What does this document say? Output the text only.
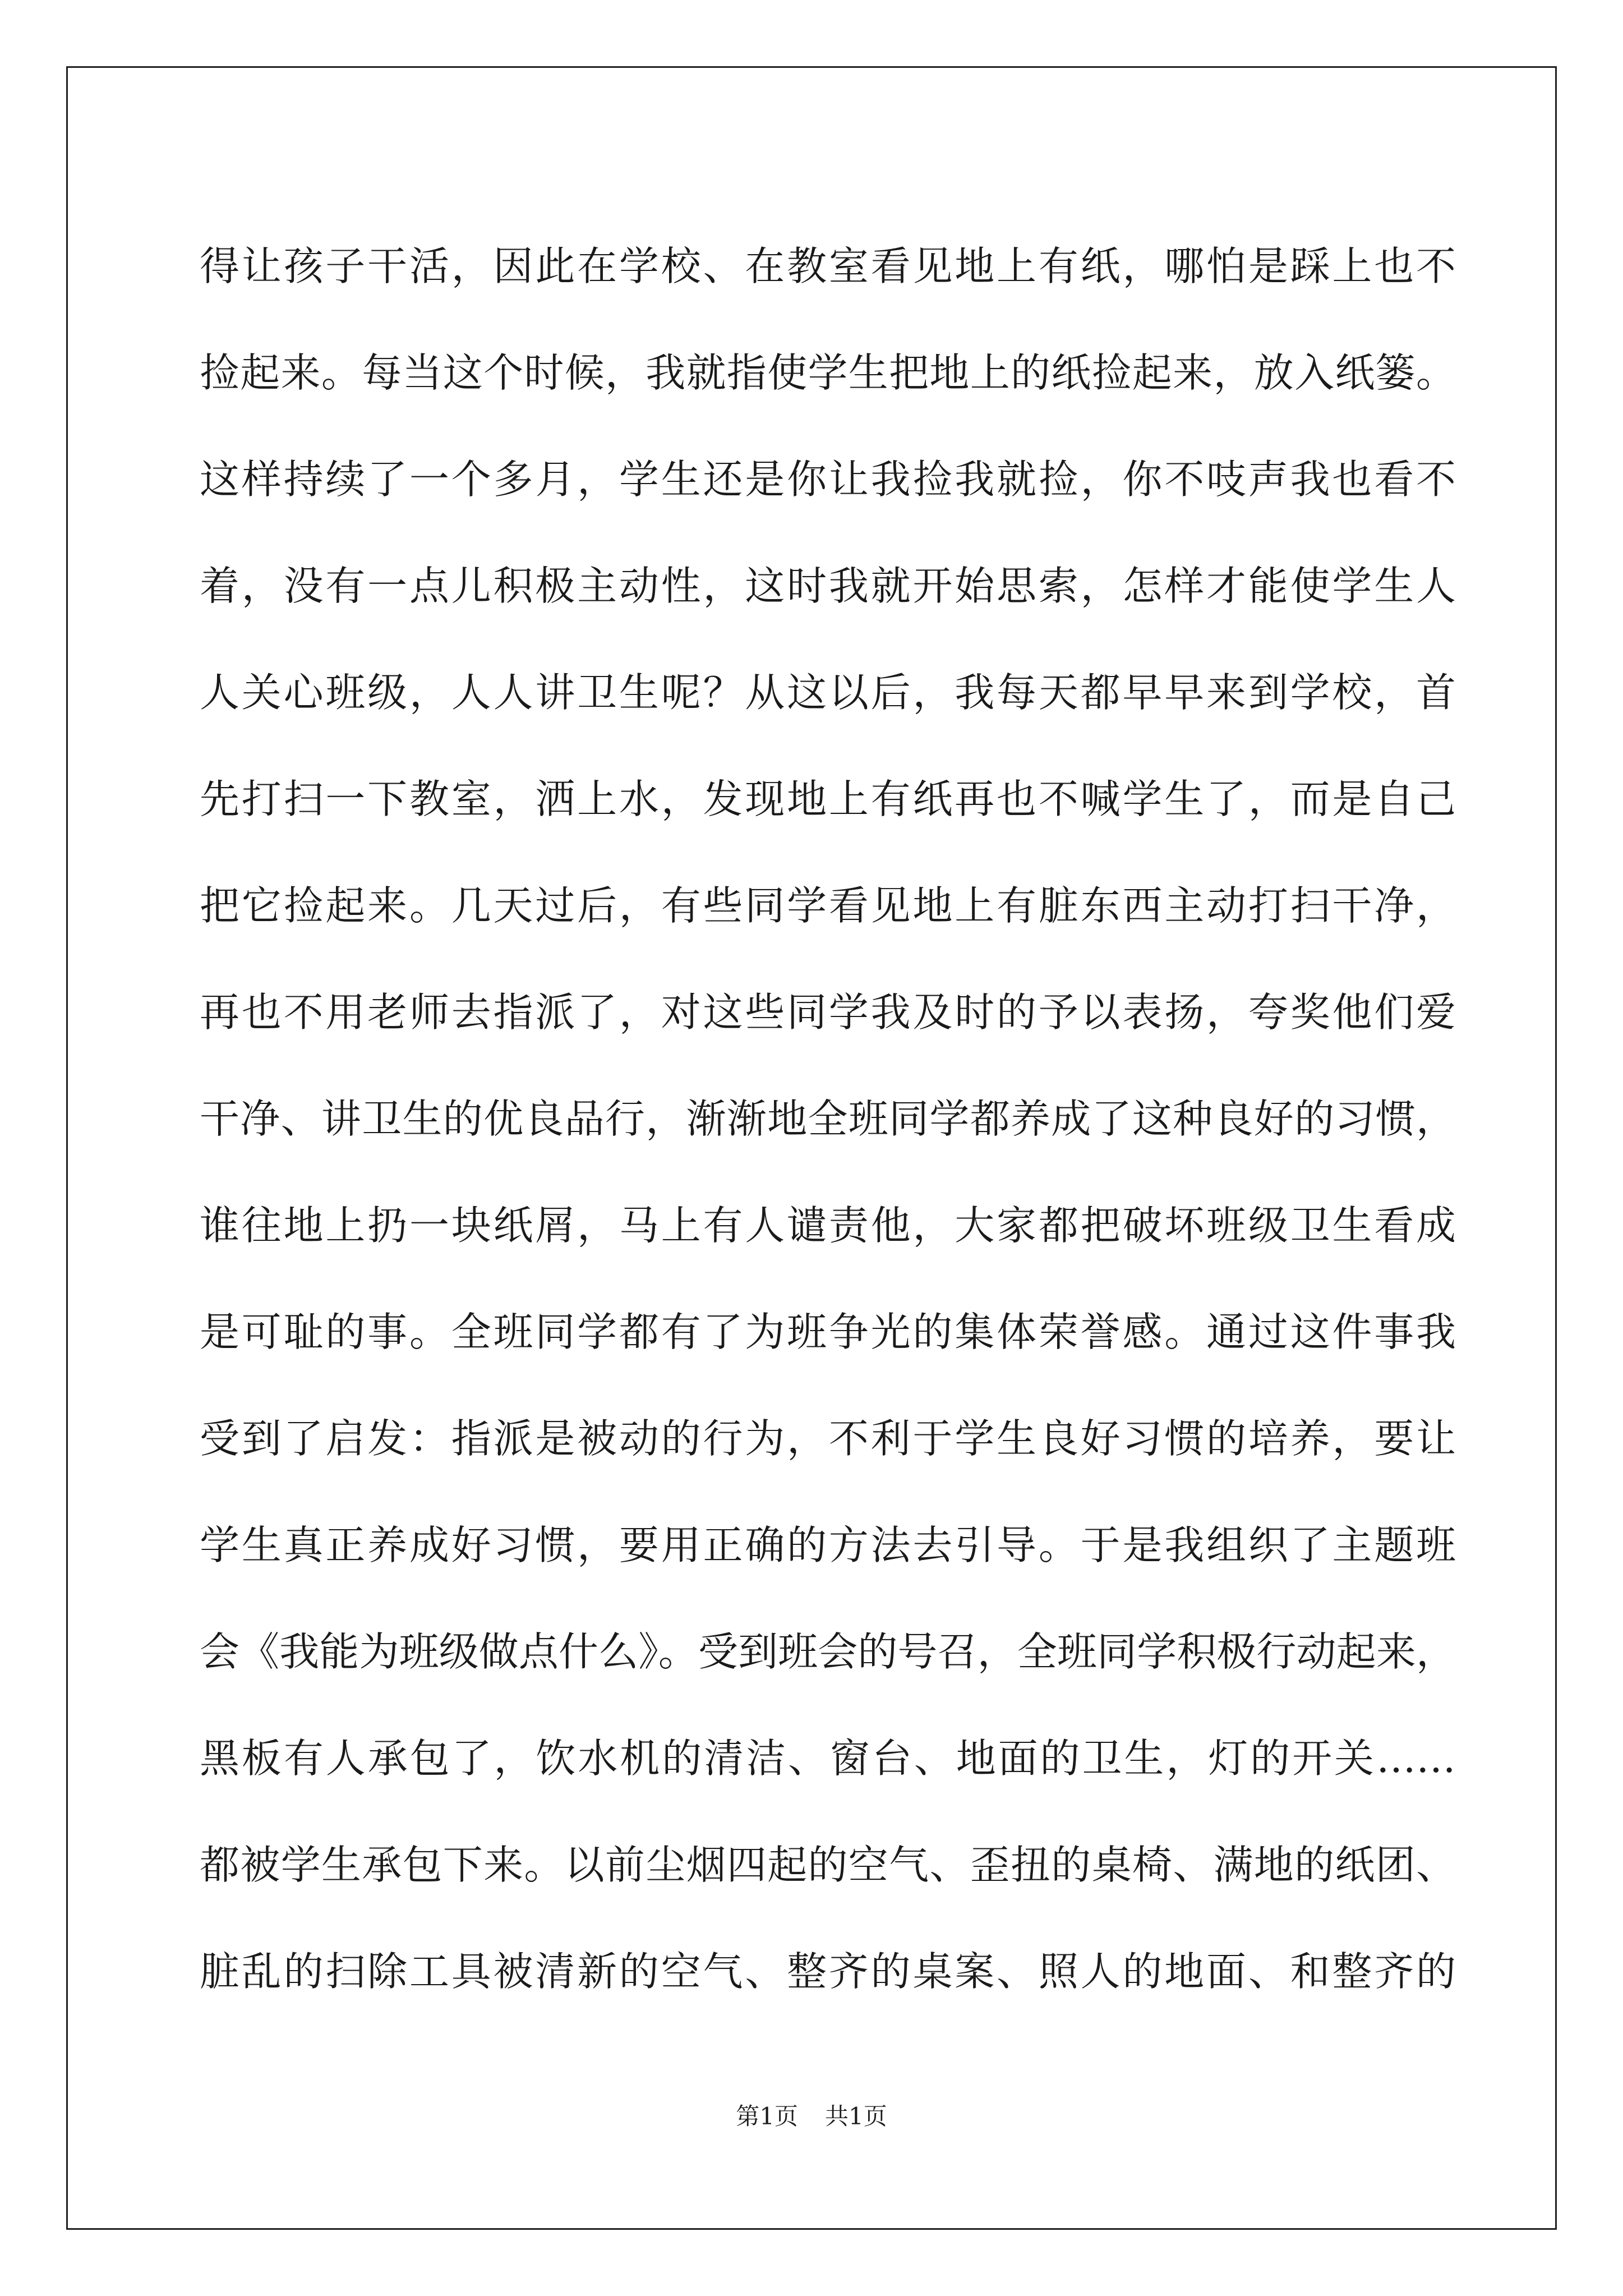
得让孩子干活，因此在学校、在教室看见地上有纸，哪怕是踩上也不
捡起来。每当这个时候，我就指使学生把地上的纸捡起来，放入纸篓。
这样持续了一个多月，学生还是你让我捡我就捡，你不吱声我也看不
着，没有一点儿积极主动性，这时我就开始思索，怎样才能使学生人
人关心班级，人人讲卫生呢？从这以后，我每天都早早来到学校，首
先打扫一下教室，洒上水，发现地上有纸再也不喊学生了，而是自己
把它捡起来。几天过后，有些同学看见地上有脏东西主动打扫干净，
再也不用老师去指派了，对这些同学我及时的予以表扬，夸奖他们爱
干净、讲卫生的优良品行，渐渐地全班同学都养成了这种良好的习惯，
谁往地上扔一块纸屑，马上有人谴责他，大家都把破坏班级卫生看成
是可耻的事。全班同学都有了为班争光的集体荣誉感。通过这件事我
受到了启发：指派是被动的行为，不利于学生良好习惯的培养，要让
学生真正养成好习惯，要用正确的方法去引导。于是我组织了主题班
会《我能为班级做点什么》。受到班会的号召，全班同学积极行动起来，
黑板有人承包了，饮水机的清洁、窗台、地面的卫生，灯的开关……
都被学生承包下来。以前尘烟四起的空气、歪扭的桌椅、满地的纸团、
脏乱的扫除工具被清新的空气、整齐的桌案、照人的地面、和整齐的
第1页 共1页
